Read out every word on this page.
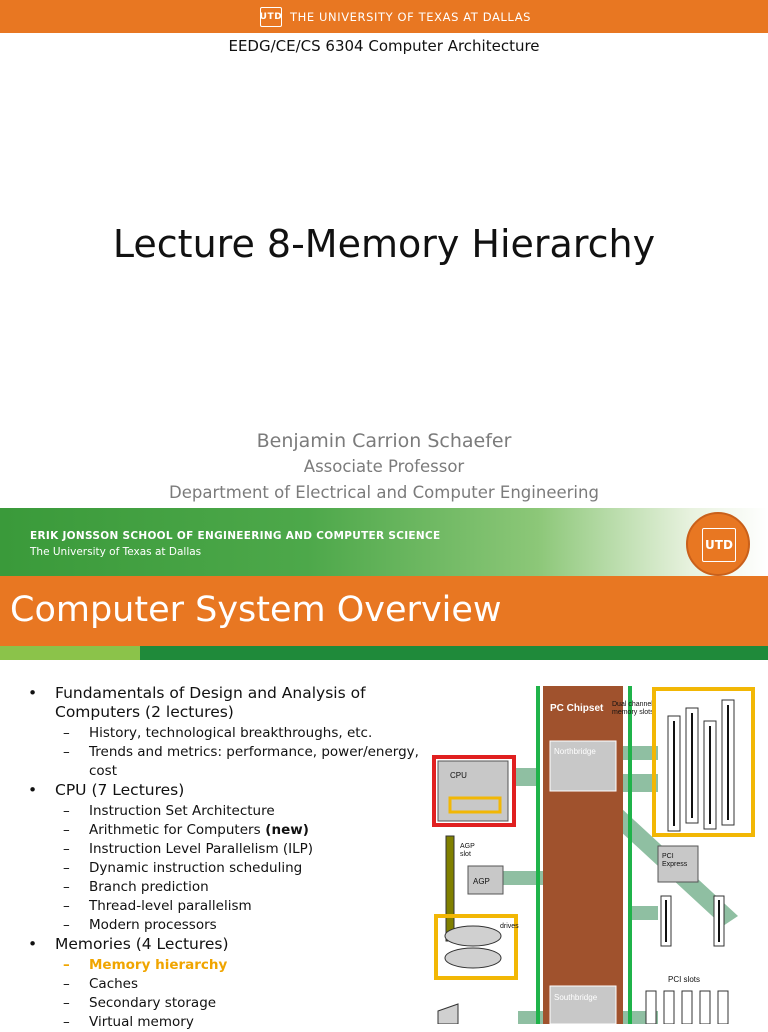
UTD THE UNIVERSITY OF TEXAS AT DALLAS
EEDG/CE/CS 6304 Computer Architecture
Lecture 8-Memory Hierarchy
Benjamin Carrion Schaefer
Associate Professor
Department of Electrical and Computer Engineering
ERIK JONSSON SCHOOL OF ENGINEERING AND COMPUTER SCIENCE
The University of Texas at Dallas	UTD
Computer System Overview
• Fundamentals of Design and Analysis of Computers (2 lectures)
– History, technological breakthroughs, etc.
– Trends and metrics: performance, power/energy, cost
• CPU (7 Lectures)
– Instruction Set Architecture
– Arithmetic for Computers (new)
– Instruction Level Parallelism (ILP)
– Dynamic instruction scheduling
– Branch prediction
– Thread-level parallelism
– Modern processors
• Memories (4 Lectures)
– Memory hierarchy
– Caches
– Secondary storage
– Virtual memory
PC Chipset
Northbridge
Southbridge
CPU
AGP slot
AGP
drives
Dual channel memory slots
PCI Express
PCI slots
